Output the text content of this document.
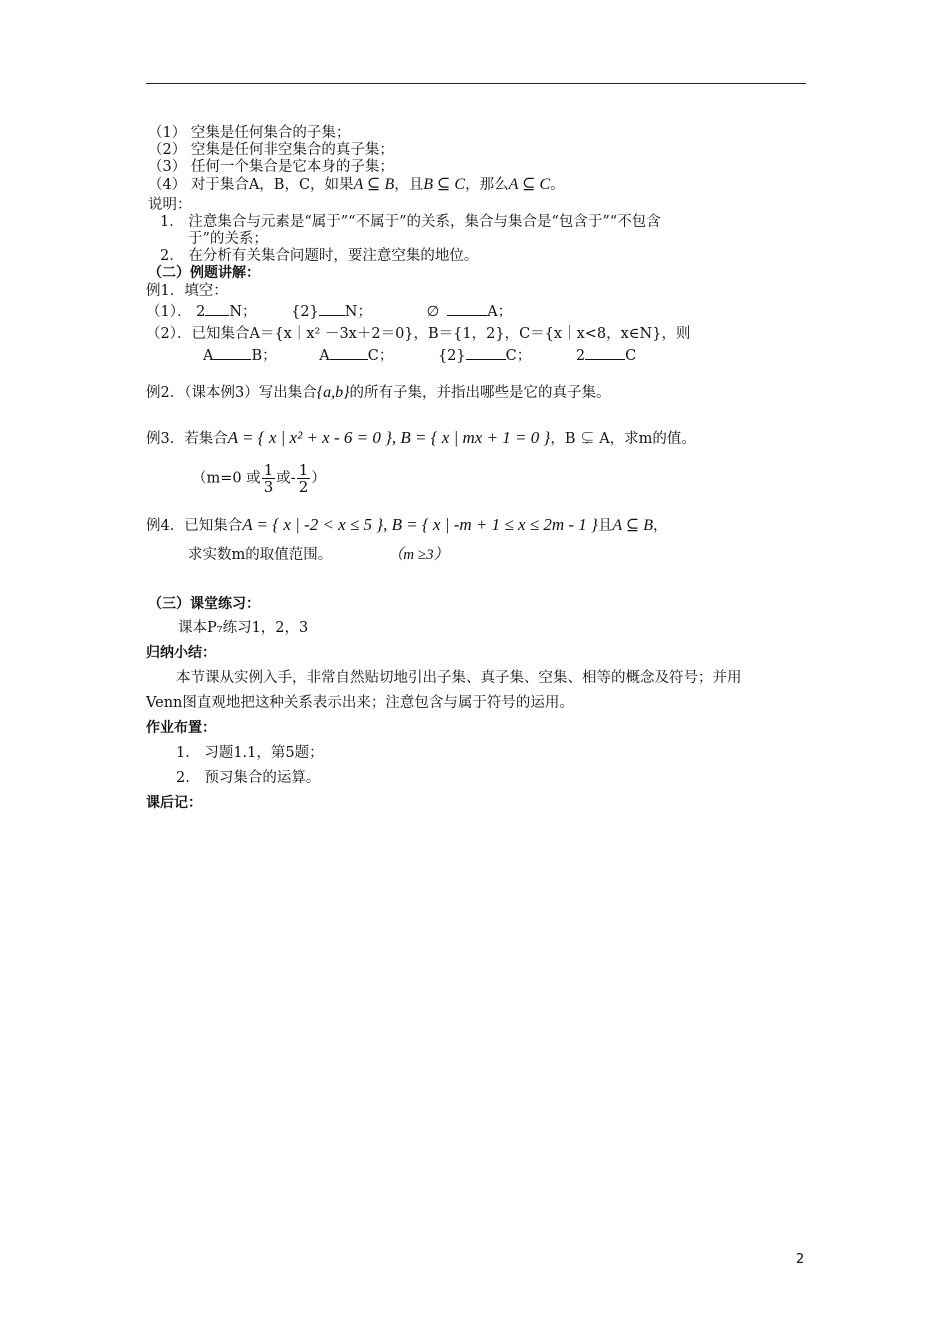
（1） 空集是任何集合的子集；
（2） 空集是任何非空集合的真子集；
（3） 任何一个集合是它本身的子集；
（4） 对于集合A，B，C，如果A ⊆ B，且B ⊆ C，那么A ⊆ C。
说明：
1． 注意集合与元素是“属于”“不属于”的关系，集合与集合是“包含于”“不包含
于”的关系；
2． 在分析有关集合问题时，要注意空集的地位。
（二）例题讲解：
例1．填空：
（1）． 2 N； {2} N；	∅	A；
（2）．已知集合A＝{x｜x² －3x＋2＝0}，B＝{1，2}，C＝{x｜x<8，x∈N}，则
A	B；	A	C；	{2}	C；	2	C
例2．（课本例3）写出集合{a,b}的所有子集，并指出哪些是它的真子集。
例3．若集合A = { x | x² + x - 6 = 0 }, B = { x | mx + 1 = 0 }，B ⊊ A，求m的值。
（m=0 或 $\frac{1}{3}$ 或- $\frac{1}{2}$ ）
例4．已知集合A = { x | -2 < x ≤ 5 }, B = { x | -m + 1 ≤ x ≤ 2m - 1 }且A ⊆ B，
求实数m的取值范围。	（m ≥3）
（三）课堂练习：
课本P₇练习1，2，3
归纳小结：
本节课从实例入手，非常自然贴切地引出子集、真子集、空集、相等的概念及符号；并用
Venn图直观地把这种关系表示出来；注意包含与属于符号的运用。
作业布置：
1． 习题1.1，第5题；
2． 预习集合的运算。
课后记：
2
